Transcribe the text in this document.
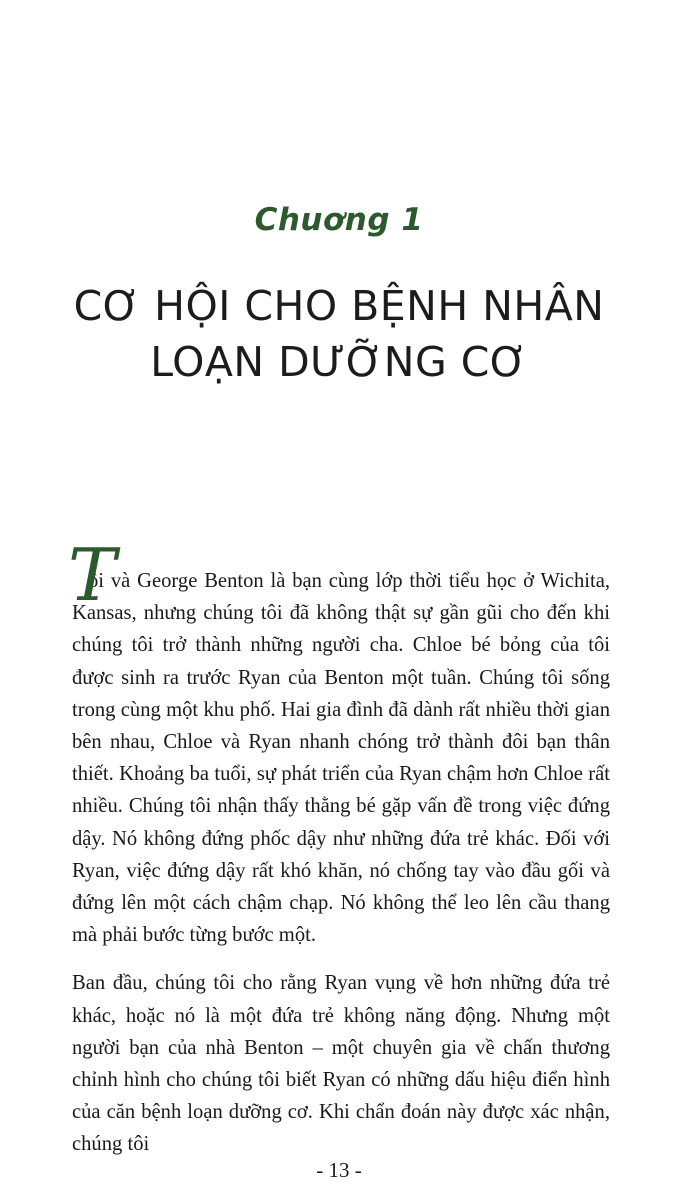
Chuơng 1
CƠ HỘI CHO BỆNH NHÂN
LOẠN DƯỠNG CƠ
T

ôi và George Benton là bạn cùng lớp thời tiểu học ở Wichita, Kansas, nhưng chúng tôi đã không thật sự gần gũi cho đến khi chúng tôi trở thành những người cha. Chloe bé bỏng của tôi được sinh ra trước Ryan của Benton một tuần. Chúng tôi sống trong cùng một khu phố. Hai gia đình đã dành rất nhiều thời gian bên nhau, Chloe và Ryan nhanh chóng trở thành đôi bạn thân thiết. Khoảng ba tuổi, sự phát triển của Ryan chậm hơn Chloe rất nhiều. Chúng tôi nhận thấy thằng bé gặp vấn đề trong việc đứng dậy. Nó không đứng phốc dậy như những đứa trẻ khác. Đối với Ryan, việc đứng dậy rất khó khăn, nó chống tay vào đầu gối và đứng lên một cách chậm chạp. Nó không thể leo lên cầu thang mà phải bước từng bước một.

Ban đầu, chúng tôi cho rằng Ryan vụng về hơn những đứa trẻ khác, hoặc nó là một đứa trẻ không năng động. Nhưng một người bạn của nhà Benton – một chuyên gia về chấn thương chỉnh hình cho chúng tôi biết Ryan có những dấu hiệu điển hình của căn bệnh loạn dưỡng cơ. Khi chẩn đoán này được xác nhận, chúng tôi

- 13 -
